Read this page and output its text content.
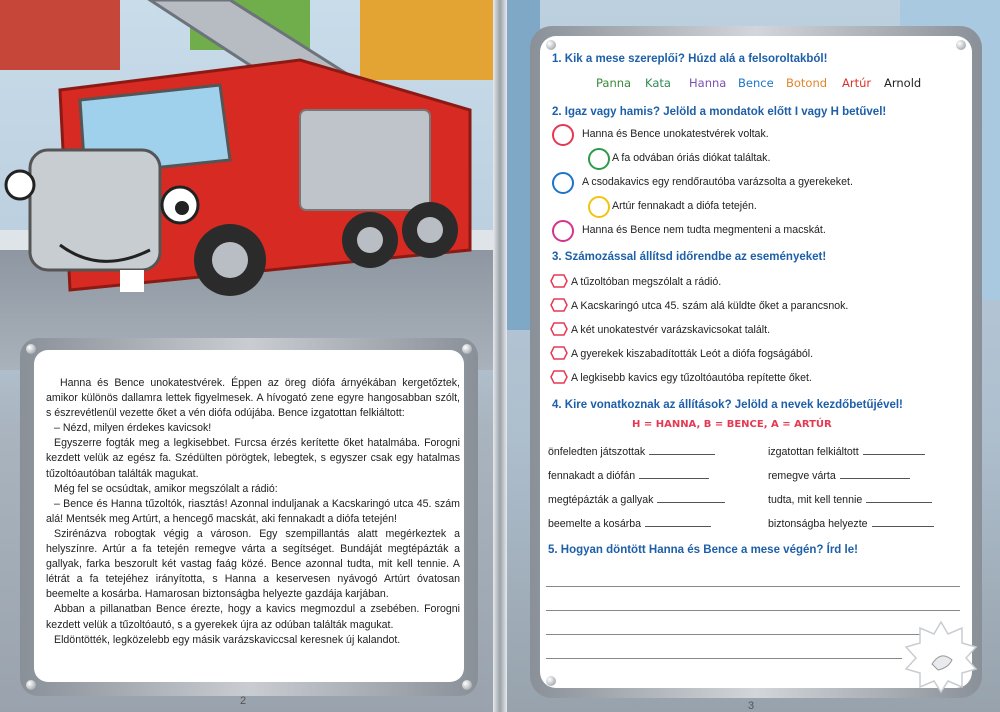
Hanna és Bence unokatestvérek. Éppen az öreg diófa árnyékában kergetőztek, amikor különös dallamra lettek figyelmesek. A hívogató zene egyre hangosabban szólt, s észrevétlenül vezette őket a vén diófa odújába. Bence izgatottan felkiáltott:

– Nézd, milyen érdekes kavicsok!

Egyszerre fogták meg a legkisebbet. Furcsa érzés kerítette őket hatalmába. Forogni kezdett velük az egész fa. Szédülten pörögtek, lebegtek, s egyszer csak egy hatalmas tűzoltóautóban találták magukat.

Még fel se ocsúdtak, amikor megszólalt a rádió:

– Bence és Hanna tűzoltók, riasztás! Azonnal induljanak a Kacskaringó utca 45. szám alá! Mentsék meg Artúrt, a hencegő macskát, aki fennakadt a diófa tetején!

Szirénázva robogtak végig a városon. Egy szempillantás alatt megérkeztek a helyszínre. Artúr a fa tetején remegve várta a segítséget. Bundáját megtépázták a gallyak, farka beszorult két vastag faág közé. Bence azonnal tudta, mit kell tennie. A létrát a fa tetejéhez irányította, s Hanna a keservesen nyávogó Artúrt óvatosan beemelte a kosárba. Hamarosan biztonságba helyezte gazdája karjában.

Abban a pillanatban Bence érezte, hogy a kavics megmozdul a zsebében. Forogni kezdett velük a tűzoltóautó, s a gyerekek újra az odúban találták magukat.

Eldöntötték, legközelebb egy másik varázskaviccsal keresnek új kalandot.

2
1. Kik a mese szereplői? Húzd alá a felsoroltakból!
Panna Kata Hanna Bence Botond Artúr Arnold
2. Igaz vagy hamis? Jelöld a mondatok előtt I vagy H betűvel!
Hanna és Bence unokatestvérek voltak.
A fa odvában óriás diókat találtak.
A csodakavics egy rendőrautóba varázsolta a gyerekeket.
Artúr fennakadt a diófa tetején.
Hanna és Bence nem tudta megmenteni a macskát.
3. Számozással állítsd időrendbe az eseményeket!
A tűzoltóban megszólalt a rádió.
A Kacskaringó utca 45. szám alá küldte őket a parancsnok.
A két unokatestvér varázskavicsokat talált.
A gyerekek kiszabadították Leót a diófa fogságából.
A legkisebb kavics egy tűzoltóautóba repítette őket.
4. Kire vonatkoznak az állítások? Jelöld a nevek kezdőbetűjével!
H = HANNA, B = BENCE, A = ARTÚR
önfeledten játszottak
fennakadt a diófán
megtépázták a gallyak
beemelte a kosárba
izgatottan felkiáltott
remegve várta
tudta, mit kell tennie
biztonságba helyezte
5. Hogyan döntött Hanna és Bence a mese végén? Írd le!
3
